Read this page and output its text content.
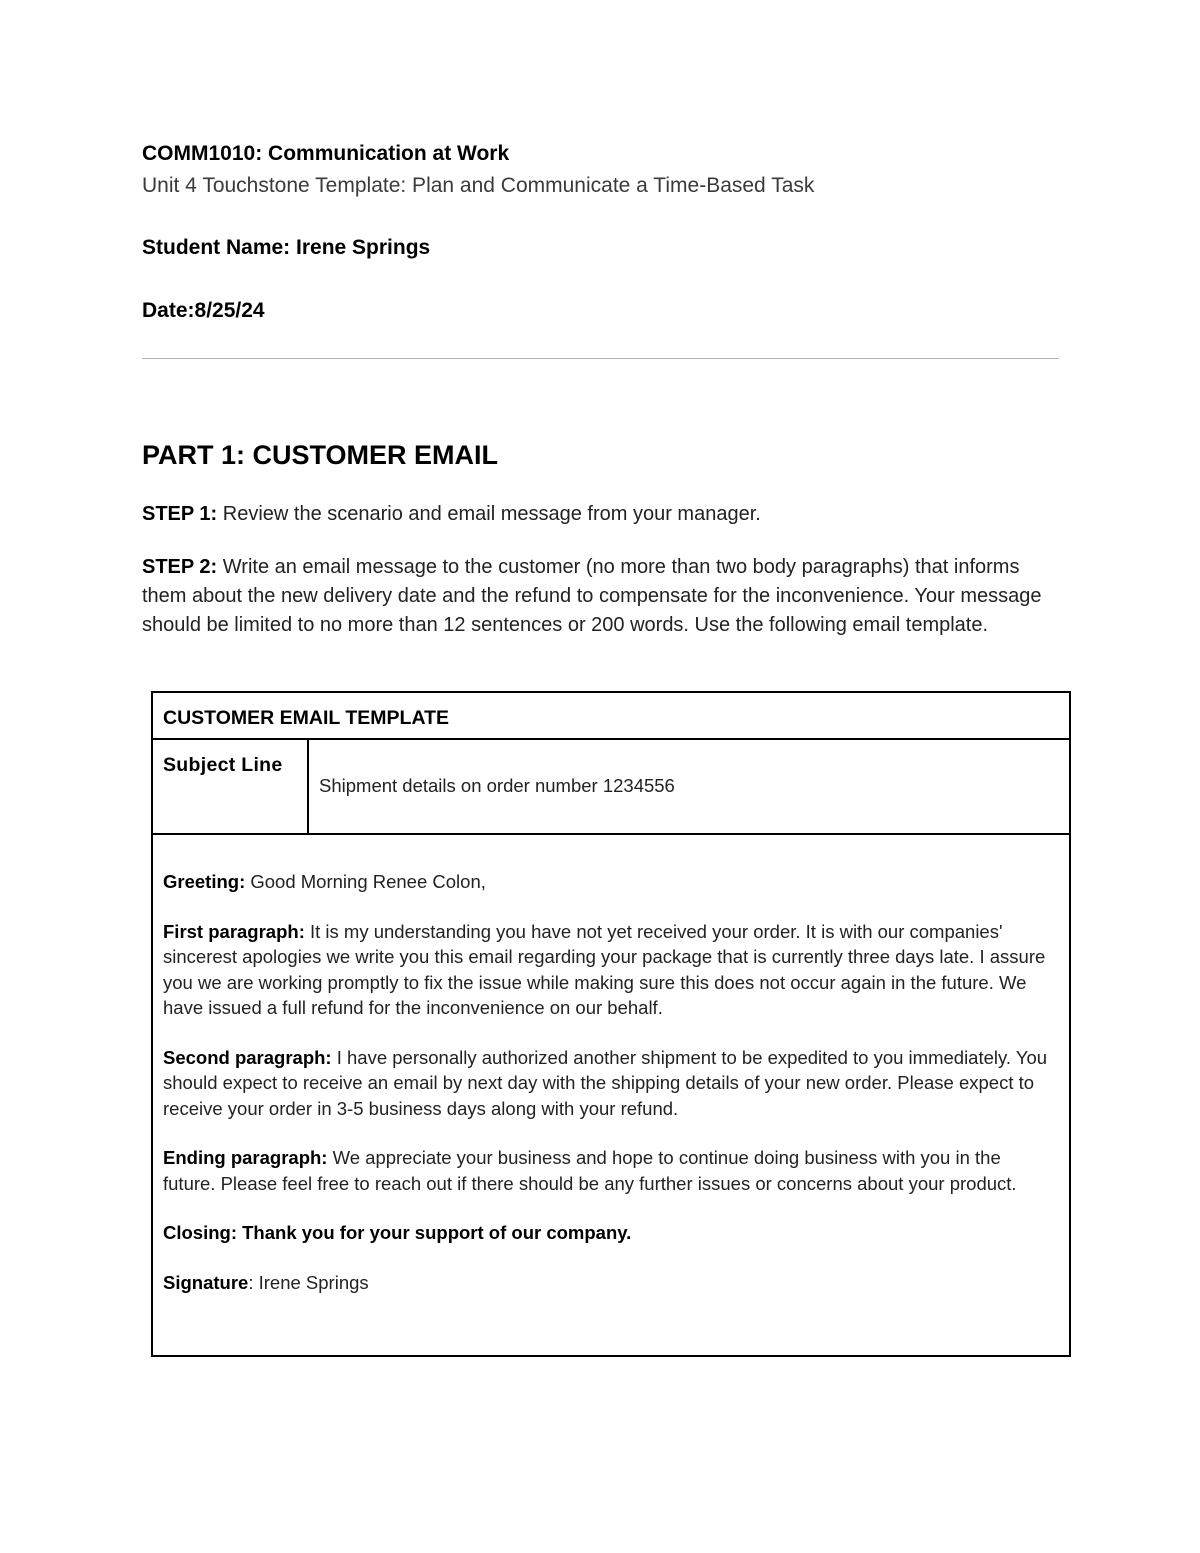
COMM1010: Communication at Work
Unit 4 Touchstone Template: Plan and Communicate a Time-Based Task
Student Name: Irene Springs
Date:8/25/24
PART 1: CUSTOMER EMAIL
STEP 1: Review the scenario and email message from your manager.
STEP 2: Write an email message to the customer (no more than two body paragraphs) that informs them about the new delivery date and the refund to compensate for the inconvenience. Your message should be limited to no more than 12 sentences or 200 words. Use the following email template.
CUSTOMER EMAIL TEMPLATE
Subject Line
Shipment details on order number 1234556

Greeting: Good Morning Renee Colon,

First paragraph: It is my understanding you have not yet received your order. It is with our companies' sincerest apologies we write you this email regarding your package that is currently three days late. I assure you we are working promptly to fix the issue while making sure this does not occur again in the future. We have issued a full refund for the inconvenience on our behalf.

Second paragraph: I have personally authorized another shipment to be expedited to you immediately. You should expect to receive an email by next day with the shipping details of your new order. Please expect to receive your order in 3-5 business days along with your refund.

Ending paragraph: We appreciate your business and hope to continue doing business with you in the future. Please feel free to reach out if there should be any further issues or concerns about your product.

Closing: Thank you for your support of our company.

Signature: Irene Springs
